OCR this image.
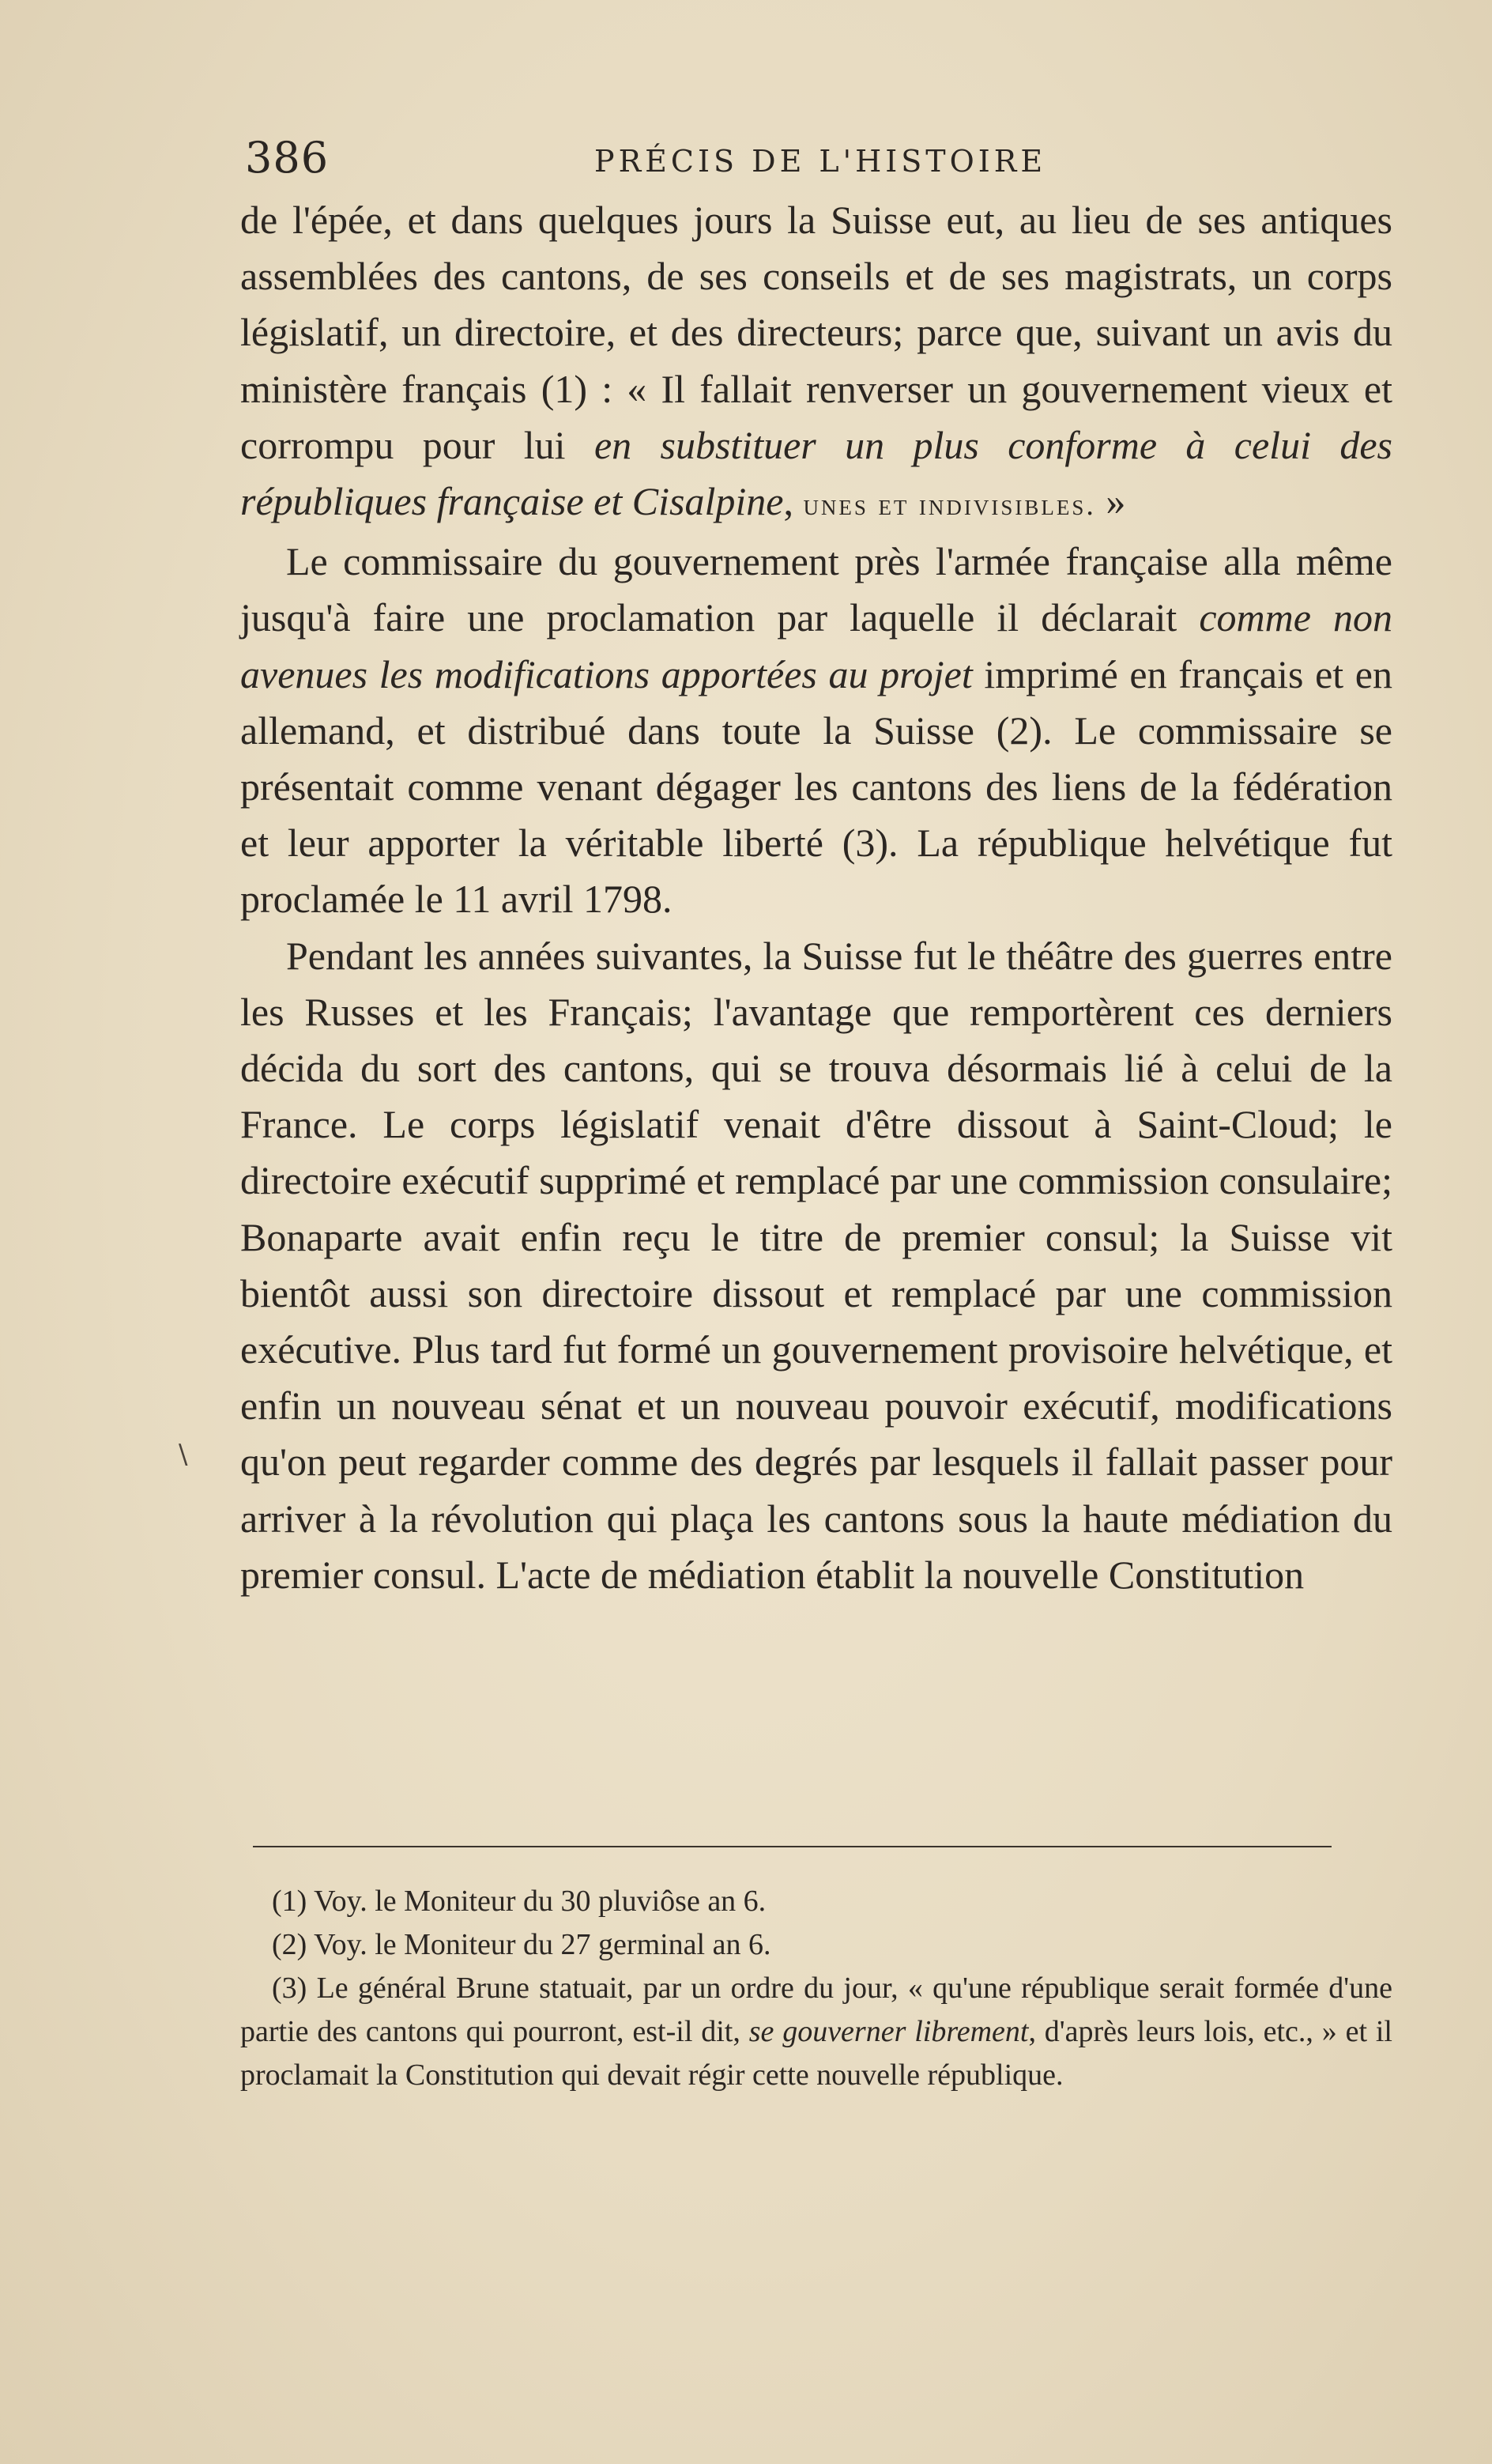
386	PRÉCIS DE L'HISTOIRE

de l'épée, et dans quelques jours la Suisse eut, au lieu de ses antiques assemblées des cantons, de ses conseils et de ses magistrats, un corps législatif, un directoire, et des directeurs; parce que, suivant un avis du ministère français (1) : « Il fallait renverser un gouvernement vieux et corrompu pour lui en substituer un plus conforme à celui des républiques française et Cisalpine, unes et indivisibles. »

Le commissaire du gouvernement près l'armée française alla même jusqu'à faire une proclamation par laquelle il déclarait comme non avenues les modifications apportées au projet imprimé en français et en allemand, et distribué dans toute la Suisse (2). Le commissaire se présentait comme venant dégager les cantons des liens de la fédération et leur apporter la véritable liberté (3). La république helvétique fut proclamée le 11 avril 1798.

Pendant les années suivantes, la Suisse fut le théâtre des guerres entre les Russes et les Français; l'avantage que remportèrent ces derniers décida du sort des cantons, qui se trouva désormais lié à celui de la France. Le corps législatif venait d'être dissout à Saint-Cloud; le directoire exécutif supprimé et remplacé par une commission consulaire; Bonaparte avait enfin reçu le titre de premier consul; la Suisse vit bientôt aussi son directoire dissout et remplacé par une commission exécutive. Plus tard fut formé un gouvernement provisoire helvétique, et enfin un nouveau sénat et un nouveau pouvoir exécutif, modifications qu'on peut regarder comme des degrés par lesquels il fallait passer pour arriver à la révolution qui plaça les cantons sous la haute médiation du premier consul. L'acte de médiation établit la nouvelle Constitution

\

(1) Voy. le Moniteur du 30 pluviôse an 6.

(2) Voy. le Moniteur du 27 germinal an 6.

(3) Le général Brune statuait, par un ordre du jour, « qu'une république serait formée d'une partie des cantons qui pourront, est-il dit, se gouverner librement, d'après leurs lois, etc., » et il proclamait la Constitution qui devait régir cette nouvelle république.
